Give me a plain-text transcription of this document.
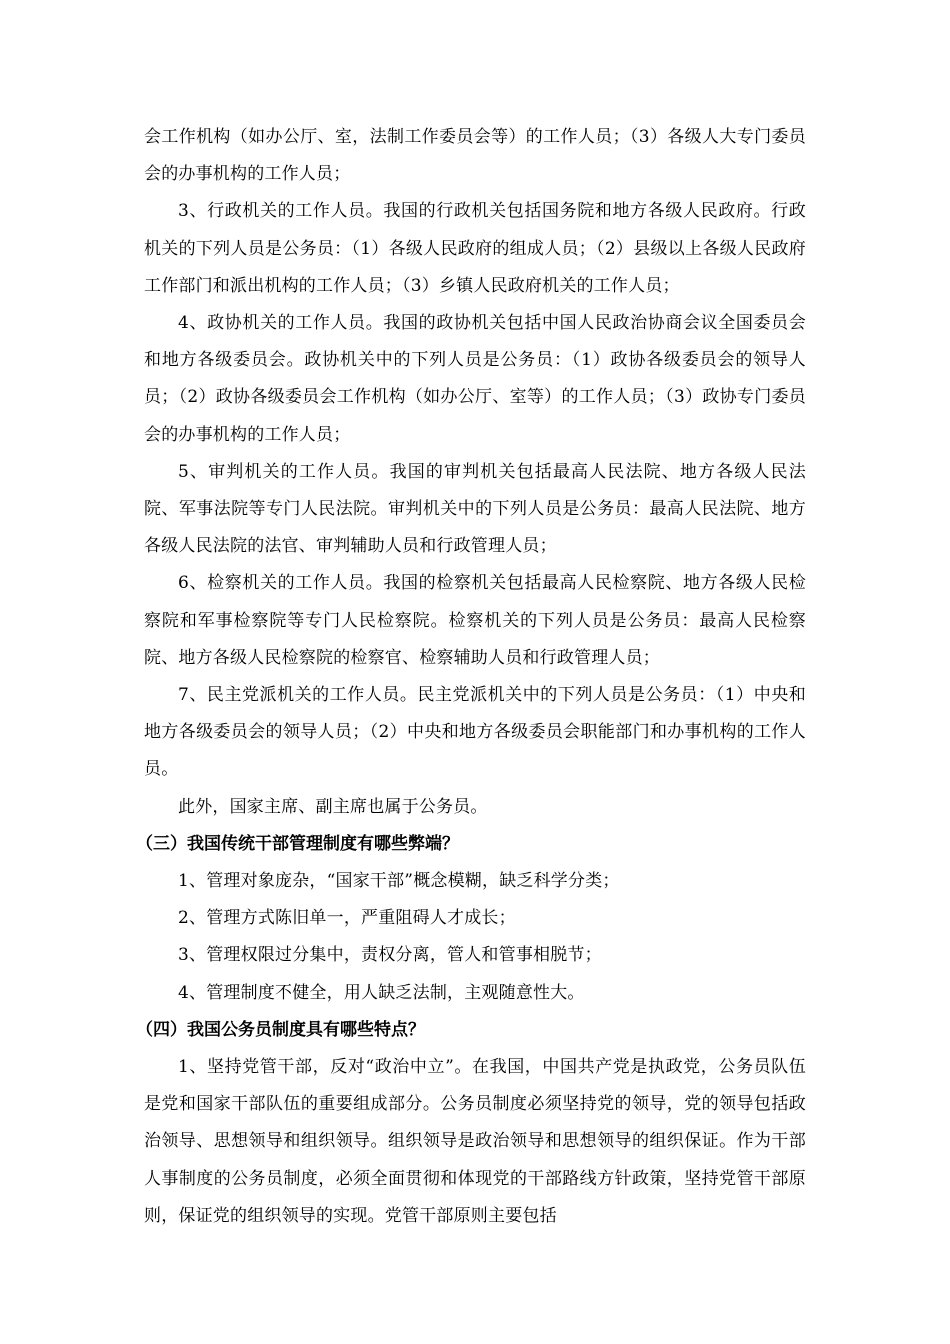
会工作机构（如办公厅、室，法制工作委员会等）的工作人员；（3）各级人大专门委员会的办事机构的工作人员；

3、行政机关的工作人员。我国的行政机关包括国务院和地方各级人民政府。行政机关的下列人员是公务员：（1）各级人民政府的组成人员；（2）县级以上各级人民政府工作部门和派出机构的工作人员；（3）乡镇人民政府机关的工作人员；

4、政协机关的工作人员。我国的政协机关包括中国人民政治协商会议全国委员会和地方各级委员会。政协机关中的下列人员是公务员：（1）政协各级委员会的领导人员；（2）政协各级委员会工作机构（如办公厅、室等）的工作人员；（3）政协专门委员会的办事机构的工作人员；

5、审判机关的工作人员。我国的审判机关包括最高人民法院、地方各级人民法院、军事法院等专门人民法院。审判机关中的下列人员是公务员：最高人民法院、地方各级人民法院的法官、审判辅助人员和行政管理人员；

6、检察机关的工作人员。我国的检察机关包括最高人民检察院、地方各级人民检察院和军事检察院等专门人民检察院。检察机关的下列人员是公务员：最高人民检察院、地方各级人民检察院的检察官、检察辅助人员和行政管理人员；

7、民主党派机关的工作人员。民主党派机关中的下列人员是公务员：（1）中央和地方各级委员会的领导人员；（2）中央和地方各级委员会职能部门和办事机构的工作人员。

此外，国家主席、副主席也属于公务员。

（三）我国传统干部管理制度有哪些弊端？

1、管理对象庞杂，“国家干部”概念模糊，缺乏科学分类；

2、管理方式陈旧单一，严重阻碍人才成长；

3、管理权限过分集中，责权分离，管人和管事相脱节；

4、管理制度不健全，用人缺乏法制，主观随意性大。

（四）我国公务员制度具有哪些特点？

1、坚持党管干部，反对“政治中立”。在我国，中国共产党是执政党，公务员队伍是党和国家干部队伍的重要组成部分。公务员制度必须坚持党的领导，党的领导包括政治领导、思想领导和组织领导。组织领导是政治领导和思想领导的组织保证。作为干部人事制度的公务员制度，必须全面贯彻和体现党的干部路线方针政策，坚持党管干部原则，保证党的组织领导的实现。党管干部原则主要包括
